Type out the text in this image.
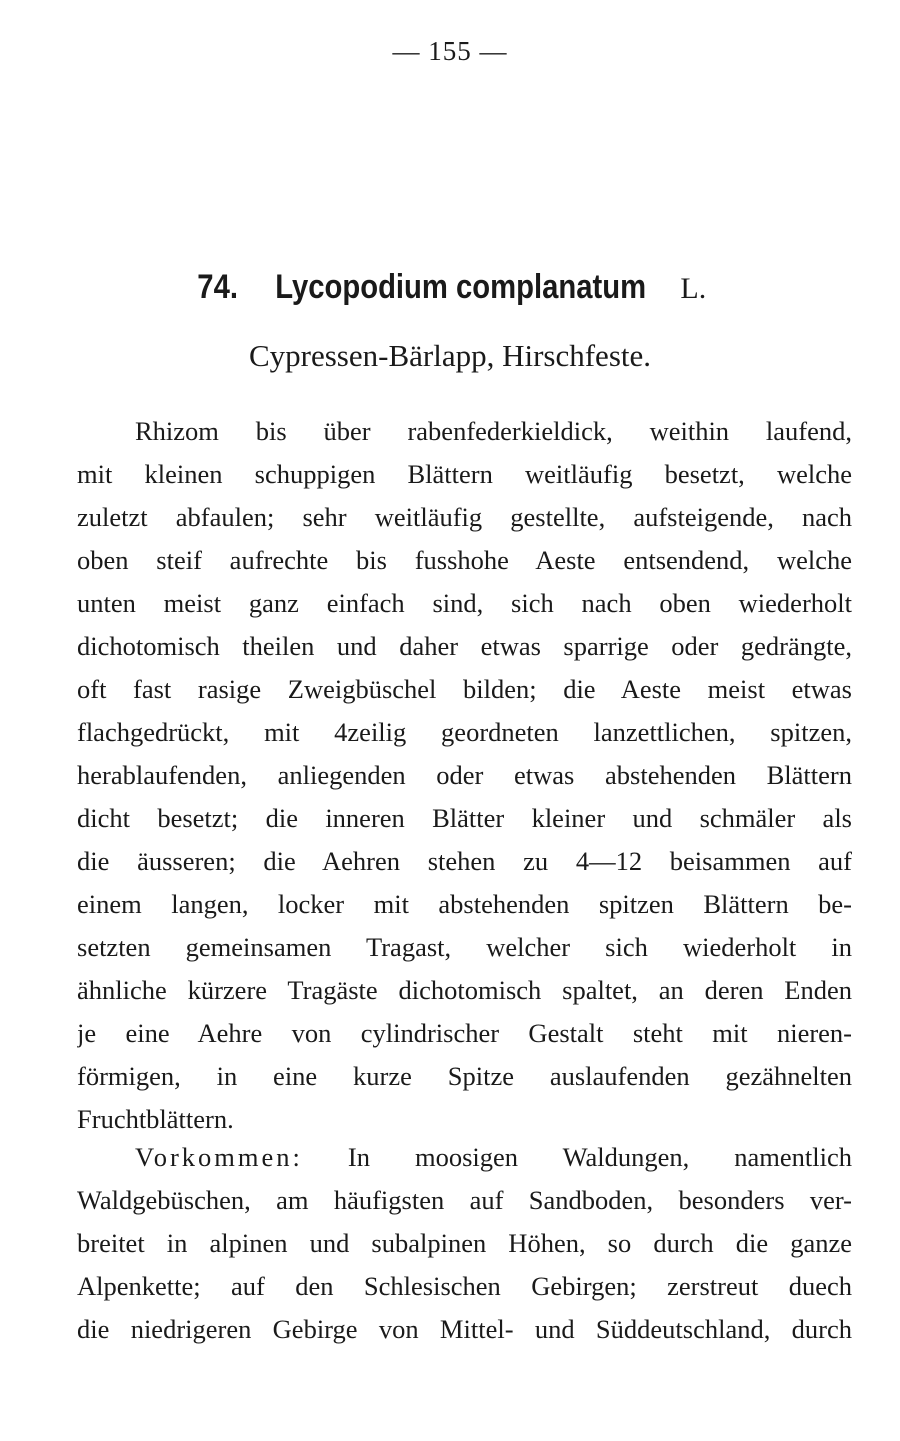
— 155 —
74. Lycopodium complanatum L.
Cypressen-Bärlapp, Hirschfeste.
Rhizom bis über rabenfederkieldick, weithin laufend,
mit kleinen schuppigen Blättern weitläufig besetzt, welche
zuletzt abfaulen; sehr weitläufig gestellte, aufsteigende, nach
oben steif aufrechte bis fusshohe Aeste entsendend, welche
unten meist ganz einfach sind, sich nach oben wiederholt
dichotomisch theilen und daher etwas sparrige oder gedrängte,
oft fast rasige Zweigbüschel bilden; die Aeste meist etwas
flachgedrückt, mit 4zeilig geordneten lanzettlichen, spitzen,
herablaufenden, anliegenden oder etwas abstehenden Blättern
dicht besetzt; die inneren Blätter kleiner und schmäler als
die äusseren; die Aehren stehen zu 4—12 beisammen auf
einem langen, locker mit abstehenden spitzen Blättern be-
setzten gemeinsamen Tragast, welcher sich wiederholt in
ähnliche kürzere Tragäste dichotomisch spaltet, an deren Enden
je eine Aehre von cylindrischer Gestalt steht mit nieren-
förmigen, in eine kurze Spitze auslaufenden gezähnelten
Fruchtblättern.
Vorkommen: In moosigen Waldungen, namentlich
Waldgebüschen, am häufigsten auf Sandboden, besonders ver-
breitet in alpinen und subalpinen Höhen, so durch die ganze
Alpenkette; auf den Schlesischen Gebirgen; zerstreut duech
die niedrigeren Gebirge von Mittel- und Süddeutschland, durch
